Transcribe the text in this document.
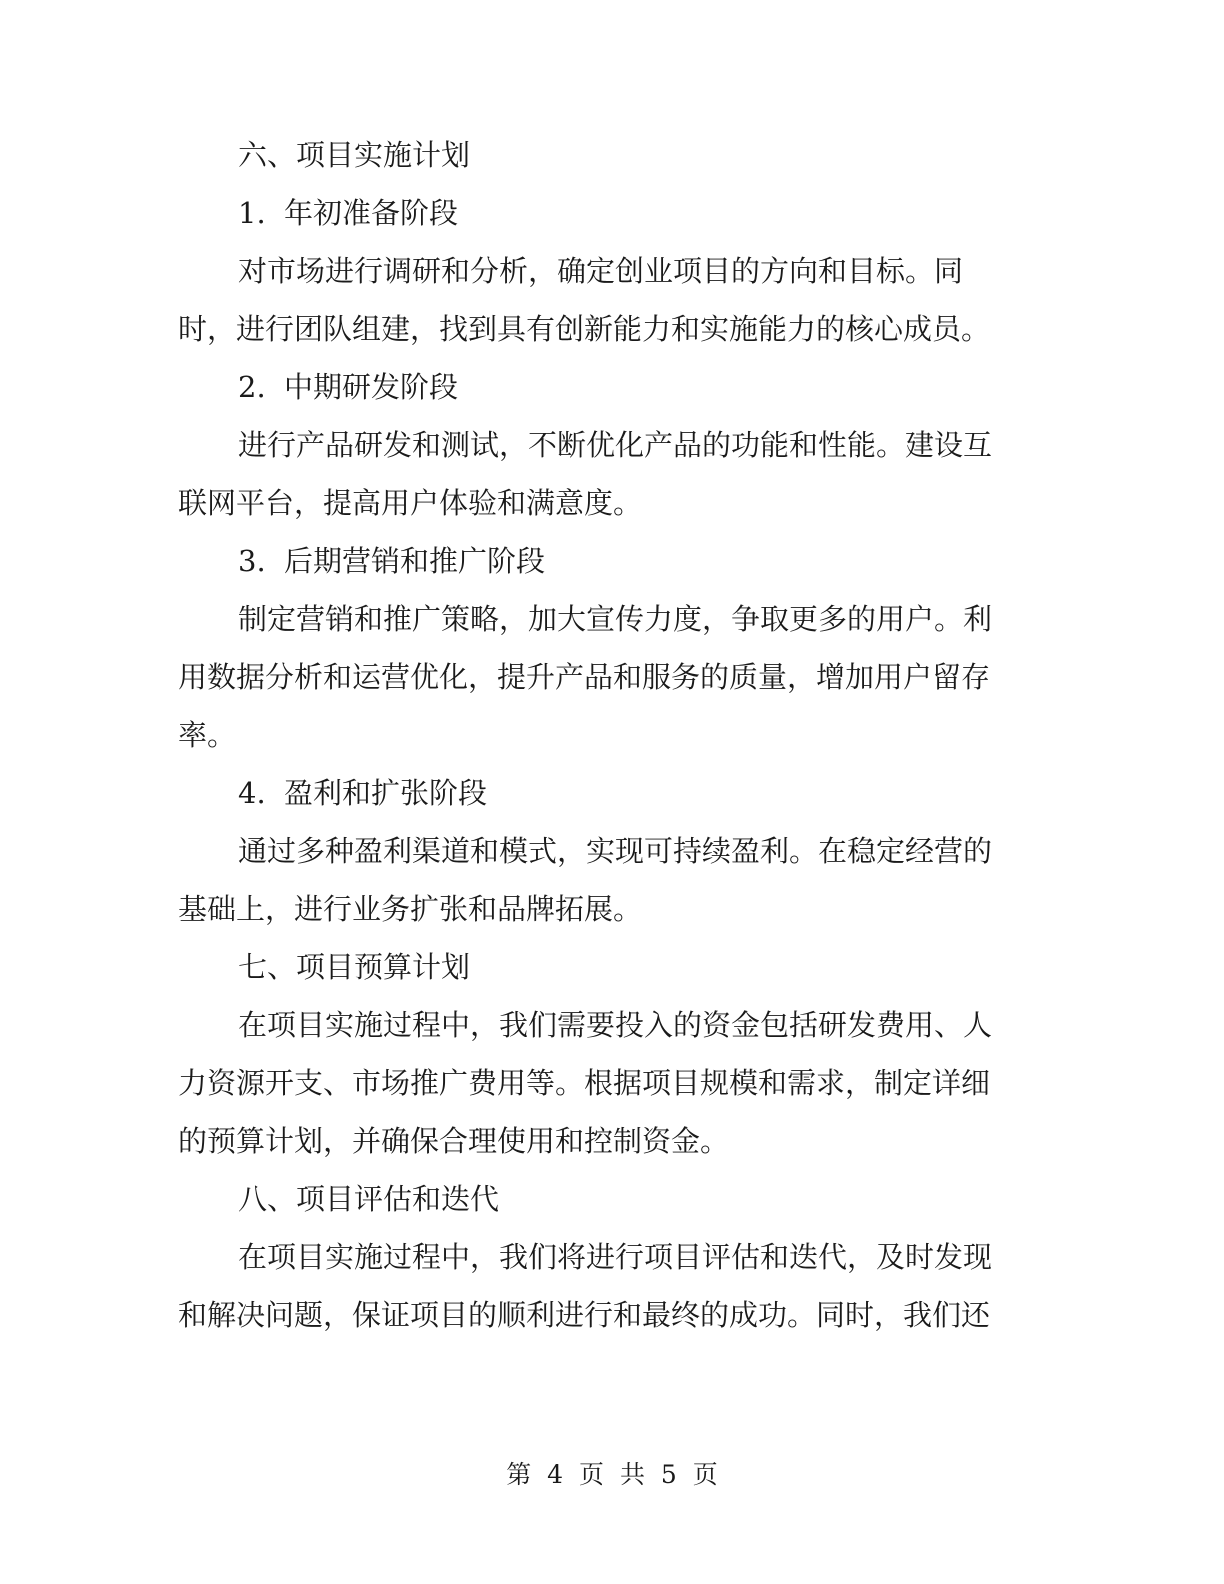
六、项目实施计划

1. 年初准备阶段

对市场进行调研和分析，确定创业项目的方向和目标。同

时，进行团队组建，找到具有创新能力和实施能力的核心成员。

2. 中期研发阶段

进行产品研发和测试，不断优化产品的功能和性能。建设互

联网平台，提高用户体验和满意度。

3. 后期营销和推广阶段

制定营销和推广策略，加大宣传力度，争取更多的用户。利

用数据分析和运营优化，提升产品和服务的质量，增加用户留存

率。

4. 盈利和扩张阶段

通过多种盈利渠道和模式，实现可持续盈利。在稳定经营的

基础上，进行业务扩张和品牌拓展。

七、项目预算计划

在项目实施过程中，我们需要投入的资金包括研发费用、人

力资源开支、市场推广费用等。根据项目规模和需求，制定详细

的预算计划，并确保合理使用和控制资金。

八、项目评估和迭代

在项目实施过程中，我们将进行项目评估和迭代，及时发现

和解决问题，保证项目的顺利进行和最终的成功。同时，我们还

第 4 页 共 5 页
